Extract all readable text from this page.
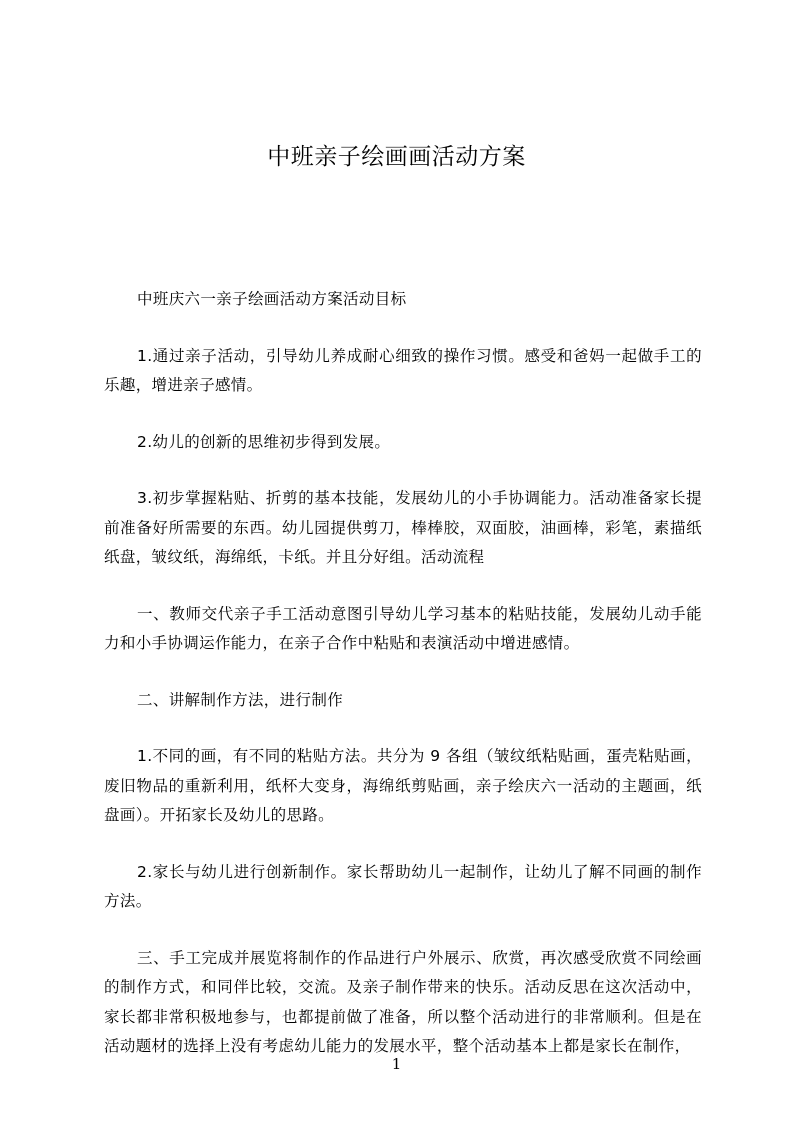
中班亲子绘画画活动方案

中班庆六一亲子绘画活动方案活动目标

1.通过亲子活动，引导幼儿养成耐心细致的操作习惯。感受和爸妈一起做手工的乐趣，增进亲子感情。

2.幼儿的创新的思维初步得到发展。

3.初步掌握粘贴、折剪的基本技能，发展幼儿的小手协调能力。活动准备家长提前准备好所需要的东西。幼儿园提供剪刀，棒棒胶，双面胶，油画棒，彩笔，素描纸纸盘，皱纹纸，海绵纸，卡纸。并且分好组。活动流程

一、教师交代亲子手工活动意图引导幼儿学习基本的粘贴技能，发展幼儿动手能力和小手协调运作能力，在亲子合作中粘贴和表演活动中增进感情。

二、讲解制作方法，进行制作

1.不同的画，有不同的粘贴方法。共分为 9 各组（皱纹纸粘贴画，蛋壳粘贴画，废旧物品的重新利用，纸杯大变身，海绵纸剪贴画，亲子绘庆六一活动的主题画，纸盘画）。开拓家长及幼儿的思路。

2.家长与幼儿进行创新制作。家长帮助幼儿一起制作，让幼儿了解不同画的制作方法。

三、手工完成并展览将制作的作品进行户外展示、欣赏，再次感受欣赏不同绘画的制作方式，和同伴比较，交流。及亲子制作带来的快乐。活动反思在这次活动中，家长都非常积极地参与，也都提前做了准备，所以整个活动进行的非常顺利。但是在活动题材的选择上没有考虑幼儿能力的发展水平，整个活动基本上都是家长在制作，

1
